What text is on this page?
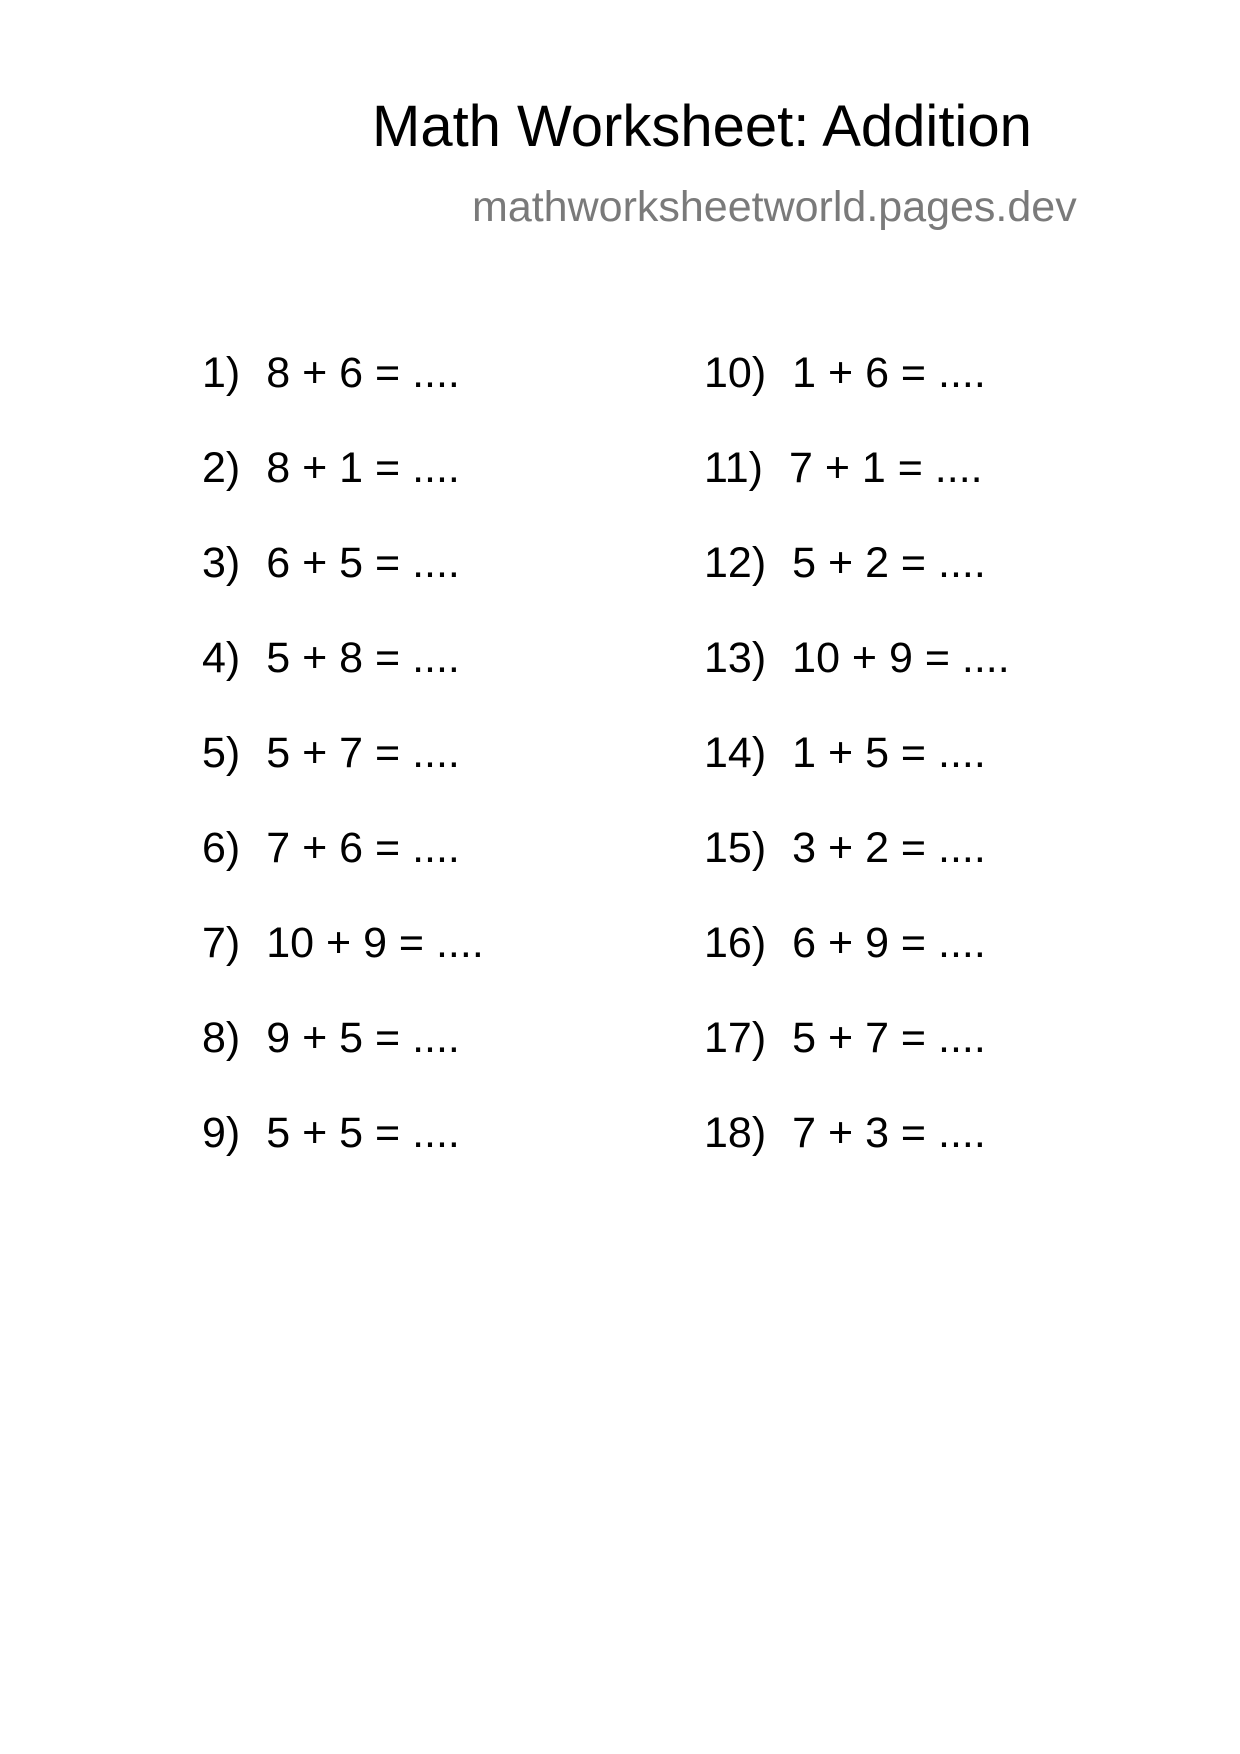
Math Worksheet: Addition
mathworksheetworld.pages.dev
1) 8 + 6 = ....
2) 8 + 1 = ....
3) 6 + 5 = ....
4) 5 + 8 = ....
5) 5 + 7 = ....
6) 7 + 6 = ....
7) 10 + 9 = ....
8) 9 + 5 = ....
9) 5 + 5 = ....
10) 1 + 6 = ....
11) 7 + 1 = ....
12) 5 + 2 = ....
13) 10 + 9 = ....
14) 1 + 5 = ....
15) 3 + 2 = ....
16) 6 + 9 = ....
17) 5 + 7 = ....
18) 7 + 3 = ....
